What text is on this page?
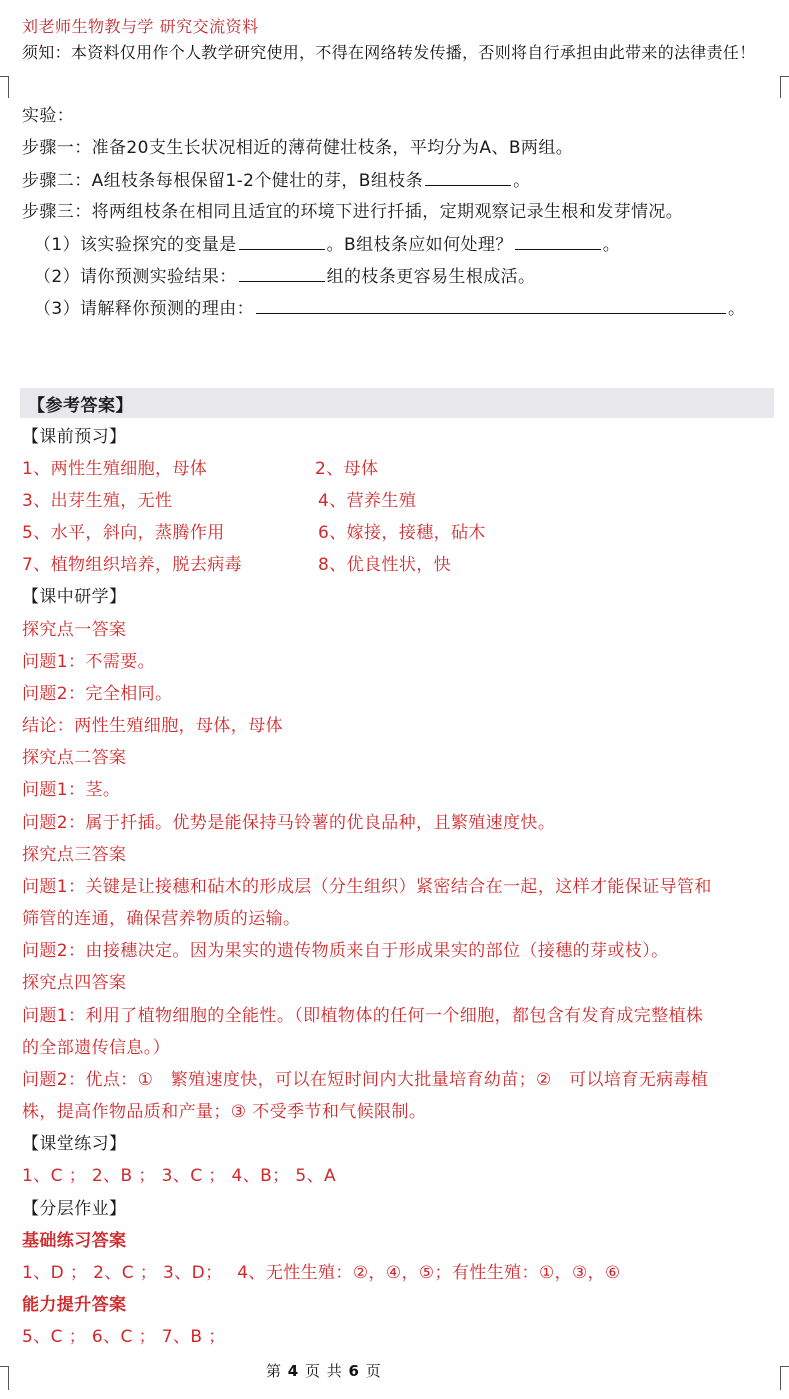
刘老师生物教与学 研究交流资料
须知：本资料仅用作个人教学研究使用，不得在网络转发传播，否则将自行承担由此带来的法律责任！
实验：
步骤一：准备20支生长状况相近的薄荷健壮枝条，平均分为A、B两组。
步骤二：A组枝条每根保留1-2个健壮的芽，B组枝条	。
步骤三：将两组枝条在相同且适宜的环境下进行扦插，定期观察记录生根和发芽情况。
（1）该实验探究的变量是	。B组枝条应如何处理？	。
（2）请你预测实验结果：	组的枝条更容易生根成活。
（3）请解释你预测的理由：	。
【参考答案】
【课前预习】
1、两性生殖细胞，母体	2、母体
3、出芽生殖，无性	4、营养生殖
5、水平，斜向，蒸腾作用	6、嫁接，接穗，砧木
7、植物组织培养，脱去病毒	8、优良性状，快
【课中研学】
探究点一答案
问题1：不需要。
问题2：完全相同。
结论：两性生殖细胞，母体，母体
探究点二答案
问题1：茎。
问题2：属于扦插。优势是能保持马铃薯的优良品种，且繁殖速度快。
探究点三答案
问题1：关键是让接穗和砧木的形成层（分生组织）紧密结合在一起，这样才能保证导管和
筛管的连通，确保营养物质的运输。
问题2：由接穗决定。因为果实的遗传物质来自于形成果实的部位（接穗的芽或枝）。
探究点四答案
问题1：利用了植物细胞的全能性。（即植物体的任何一个细胞，都包含有发育成完整植株
的全部遗传信息。）
问题2：优点：①　繁殖速度快，可以在短时间内大批量培育幼苗；②　可以培育无病毒植
株，提高作物品质和产量；③ 不受季节和气候限制。
【课堂练习】
1、C ； 2、B ； 3、C ； 4、B； 5、A
【分层作业】
基础练习答案
1、D ； 2、C ； 3、D；　 4、无性生殖：②，④，⑤；有性生殖：①，③，⑥
能力提升答案
5、C ； 6、C ； 7、B ；
第 4 页 共 6 页
